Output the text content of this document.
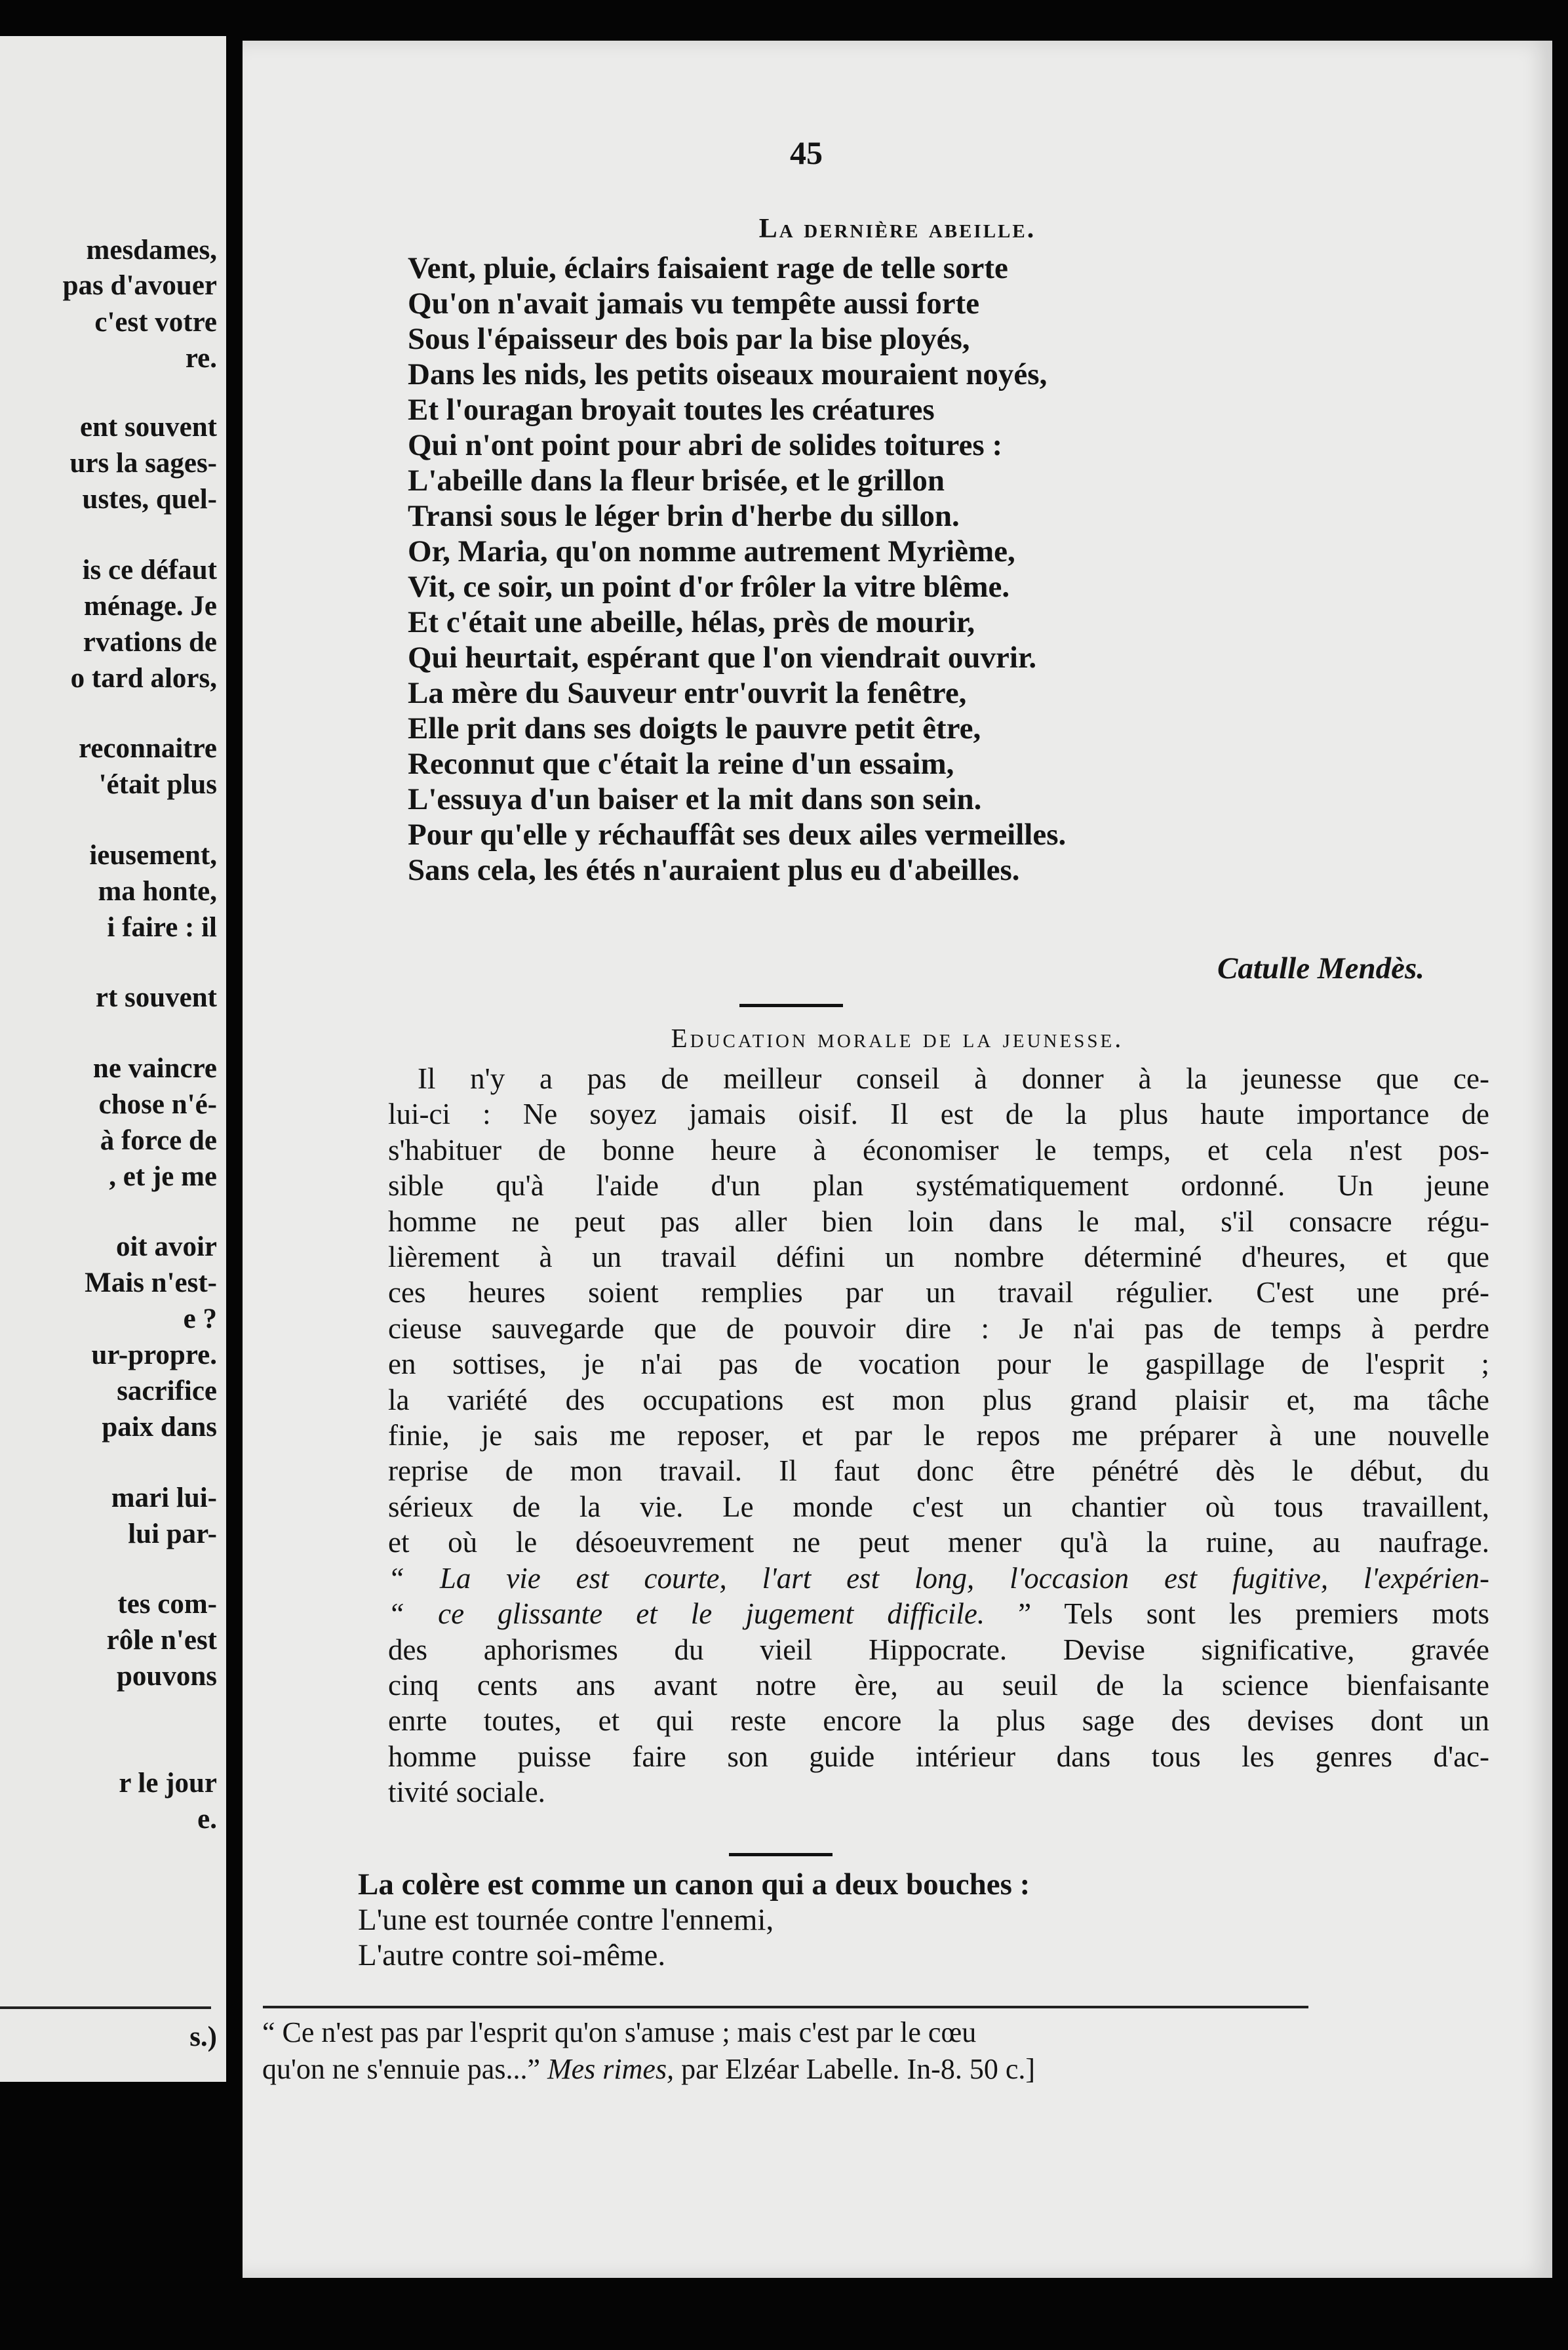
mesdames,
pas d'avouer
c'est votre
re.
ent souvent
urs la sages-
ustes, quel-
is ce défaut
ménage. Je
rvations de
o tard alors,
reconnaitre
'était plus
ieusement,
ma honte,
i faire : il
rt souvent
ne vaincre
chose n'é-
à force de
, et je me
oit avoir
Mais n'est-
e ?
ur-propre.
sacrifice
paix dans
mari lui-
lui par-
tes com-
rôle n'est
pouvons
r le jour
e.
s.)
45
La dernière abeille.
Vent, pluie, éclairs faisaient rage de telle sorte
Qu'on n'avait jamais vu tempête aussi forte
Sous l'épaisseur des bois par la bise ployés,
Dans les nids, les petits oiseaux mouraient noyés,
Et l'ouragan broyait toutes les créatures
Qui n'ont point pour abri de solides toitures :
L'abeille dans la fleur brisée, et le grillon
Transi sous le léger brin d'herbe du sillon.
Or, Maria, qu'on nomme autrement Myrième,
Vit, ce soir, un point d'or frôler la vitre blême.
Et c'était une abeille, hélas, près de mourir,
Qui heurtait, espérant que l'on viendrait ouvrir.
La mère du Sauveur entr'ouvrit la fenêtre,
Elle prit dans ses doigts le pauvre petit être,
Reconnut que c'était la reine d'un essaim,
L'essuya d'un baiser et la mit dans son sein.
Pour qu'elle y réchauffât ses deux ailes vermeilles.
Sans cela, les étés n'auraient plus eu d'abeilles.
Catulle Mendès.
Education morale de la jeunesse.
Il n'y a pas de meilleur conseil à donner à la jeunesse que ce-
lui-ci : Ne soyez jamais oisif. Il est de la plus haute importance de
s'habituer de bonne heure à économiser le temps, et cela n'est pos-
sible qu'à l'aide d'un plan systématiquement ordonné. Un jeune
homme ne peut pas aller bien loin dans le mal, s'il consacre régu-
lièrement à un travail défini un nombre déterminé d'heures, et que
ces heures soient remplies par un travail régulier. C'est une pré-
cieuse sauvegarde que de pouvoir dire : Je n'ai pas de temps à perdre
en sottises, je n'ai pas de vocation pour le gaspillage de l'esprit ;
la variété des occupations est mon plus grand plaisir et, ma tâche
finie, je sais me reposer, et par le repos me préparer à une nouvelle
reprise de mon travail. Il faut donc être pénétré dès le début, du
sérieux de la vie. Le monde c'est un chantier où tous travaillent,
et où le désoeuvrement ne peut mener qu'à la ruine, au naufrage.
“ La vie est courte, l'art est long, l'occasion est fugitive, l'expérien-
“ ce glissante et le jugement difficile. ” Tels sont les premiers mots
des aphorismes du vieil Hippocrate. Devise significative, gravée
cinq cents ans avant notre ère, au seuil de la science bienfaisante
enrte toutes, et qui reste encore la plus sage des devises dont un
homme puisse faire son guide intérieur dans tous les genres d'ac-
tivité sociale.
La colère est comme un canon qui a deux bouches :
L'une est tournée contre l'ennemi,
L'autre contre soi-même.
“ Ce n'est pas par l'esprit qu'on s'amuse ; mais c'est par le cœu
qu'on ne s'ennuie pas...” Mes rimes, par Elzéar Labelle. In-8. 50 c.]
